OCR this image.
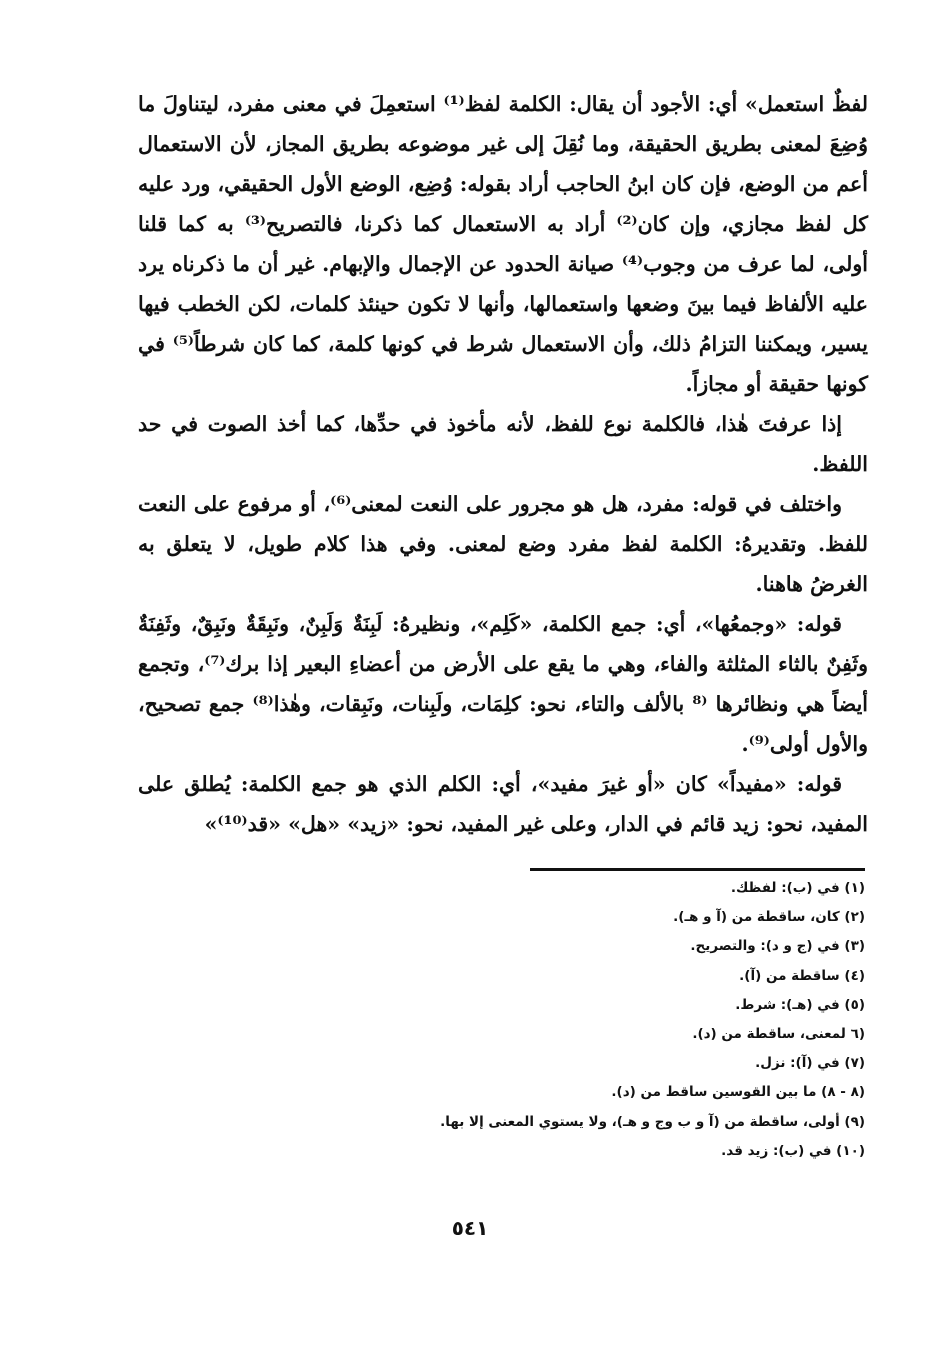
لفظٌ استعمل» أي: الأجود أن يقال: الكلمة لفظ⁽¹⁾ استعمِلَ في معنى مفرد، ليتناولَ ما وُضِعَ لمعنى بطريق الحقيقة، وما نُقِلَ إلى غير موضوعه بطريق المجاز، لأن الاستعمال أعم من الوضع، فإن كان ابنُ الحاجب أراد بقوله: وُضِع، الوضع الأول الحقيقي، ورد عليه كل لفظ مجازي، وإن كان⁽²⁾ أراد به الاستعمال كما ذكرنا، فالتصريح⁽³⁾ به كما قلنا أولى، لما عرف من وجوب⁽⁴⁾ صيانة الحدود عن الإجمال والإبهام. غير أن ما ذكرناه يرد عليه الألفاظ فيما بينَ وضعها واستعمالها، وأنها لا تكون حينئذ كلمات، لكن الخطب فيها يسير، ويمكننا التزامُ ذلك، وأن الاستعمال شرط في كونها كلمة، كما كان شرطاً⁽⁵⁾ في كونها حقيقة أو مجازاً.

إذا عرفتَ هٰذا، فالكلمة نوع للفظ، لأنه مأخوذ في حدِّها، كما أخذ الصوت في حد اللفظ.

واختلف في قوله: مفرد، هل هو مجرور على النعت لمعنى⁽⁶⁾، أو مرفوع على النعت للفظ. وتقديرهُ: الكلمة لفظ مفرد وضع لمعنى. وفي هذا كلام طويل، لا يتعلق به الغرضُ هاهنا.

قوله: «وجمعُها»، أي: جمع الكلمة، «كَلِم»، ونظيرهُ: لَبِنَةٌ وَلَبِنٌ، ونَبِقَةٌ ونَبِقٌ، وثَفِنَةٌ وثَفِنٌ بالثاء المثلثة والفاء، وهي ما يقع على الأرض من أعضاءِ البعير إذا برك⁽⁷⁾، وتجمع أيضاً هي ونظائرها ⁽⁸ بالألف والتاء، نحو: كلِمَات، ولَبِنات، ونَبِقات، وهٰذا⁽⁸⁾ جمع تصحيح، والأول أولى⁽⁹⁾.

قوله: «مفيداً» كان «أو غيرَ مفيد»، أي: الكلم الذي هو جمع الكلمة: يُطلق على المفيد، نحو: زيد قائم في الدار، وعلى غير المفيد، نحو: «زيد» «هل» «قد⁽¹⁰⁾»

(١) في (ب): لفظك.
(٢) كان، ساقطة من (آ و هـ).
(٣) في (ج و د): والتصريح.
(٤) ساقطة من (آ).
(٥) في (هـ): شرط.
(٦ لمعنى، ساقطة من (د).
(٧) في (آ): نزل.
(٨ - ٨) ما بين القوسين ساقط من (د).
(٩) أولى، ساقطة من (آ و ب وج و هـ)، ولا يستوي المعنى إلا بها.
(١٠) في (ب): زيد قد.
٥٤١
